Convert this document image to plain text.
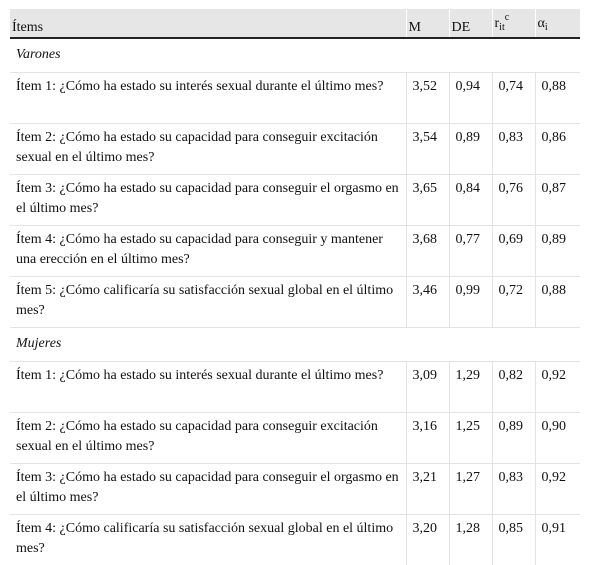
Ítems	M	DE	$r_{it}^c$	$\alpha_i$
Varones				
Ítem 1: ¿Cómo ha estado su interés sexual durante el último mes?	3,52	0,94	0,74	0,88
Ítem 2: ¿Cómo ha estado su capacidad para conseguir excitación sexual en el último mes?	3,54	0,89	0,83	0,86
Ítem 3: ¿Cómo ha estado su capacidad para conseguir el orgasmo en el último mes?	3,65	0,84	0,76	0,87
Ítem 4: ¿Cómo ha estado su capacidad para conseguir y mantener una erección en el último mes?	3,68	0,77	0,69	0,89
Ítem 5: ¿Cómo calificaría su satisfacción sexual global en el último mes?	3,46	0,99	0,72	0,88
Mujeres				
Ítem 1: ¿Cómo ha estado su interés sexual durante el último mes?	3,09	1,29	0,82	0,92
Ítem 2: ¿Cómo ha estado su capacidad para conseguir excitación sexual en el último mes?	3,16	1,25	0,89	0,90
Ítem 3: ¿Cómo ha estado su capacidad para conseguir el orgasmo en el último mes?	3,21	1,27	0,83	0,92
Ítem 4: ¿Cómo calificaría su satisfacción sexual global en el último mes?	3,20	1,28	0,85	0,91
